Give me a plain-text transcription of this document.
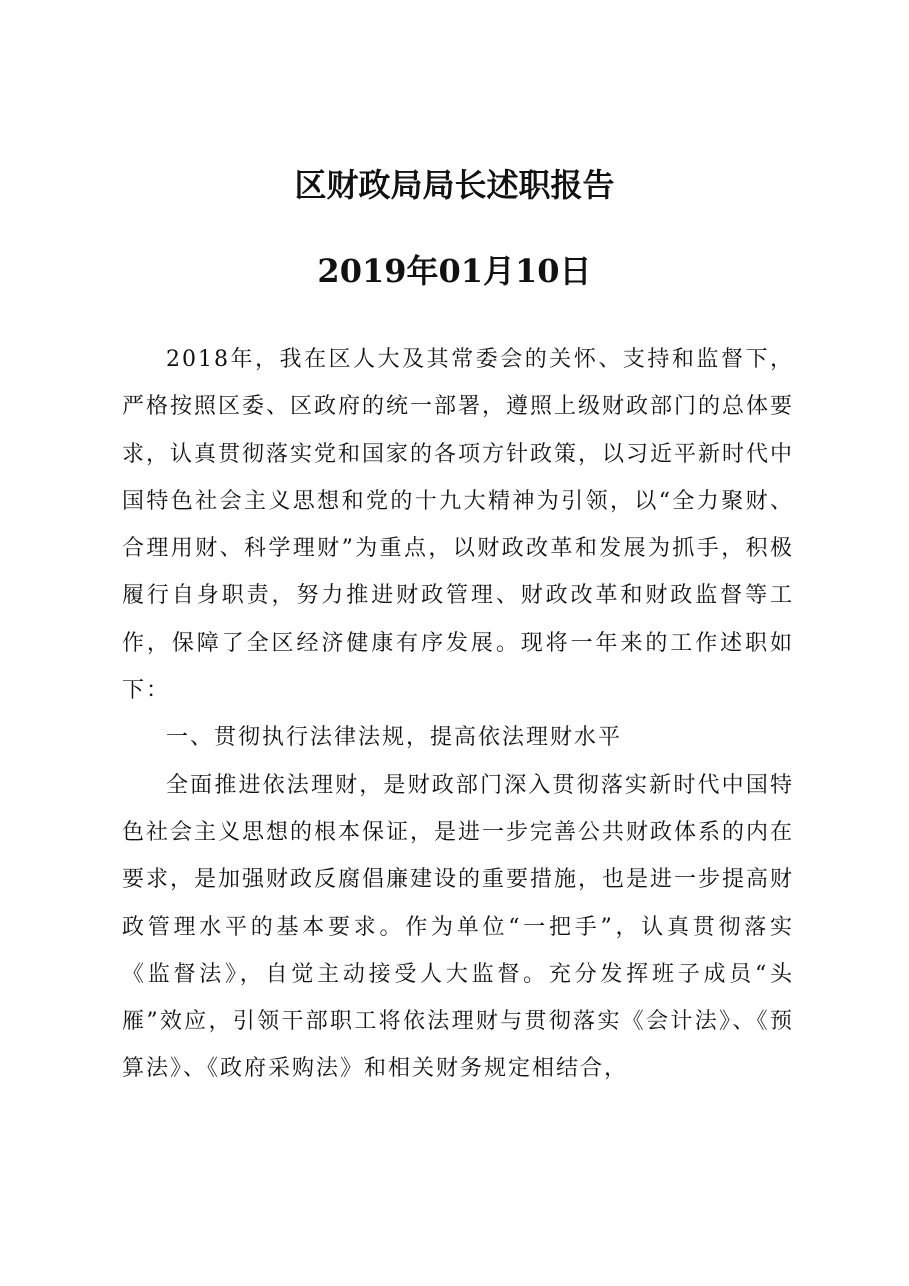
区财政局局长述职报告
2019年01月10日

2018年，我在区人大及其常委会的关怀、支持和监督下，严格按照区委、区政府的统一部署，遵照上级财政部门的总体要求，认真贯彻落实党和国家的各项方针政策，以习近平新时代中国特色社会主义思想和党的十九大精神为引领，以“全力聚财、合理用财、科学理财”为重点，以财政改革和发展为抓手，积极履行自身职责，努力推进财政管理、财政改革和财政监督等工作，保障了全区经济健康有序发展。现将一年来的工作述职如下：

一、贯彻执行法律法规，提高依法理财水平

全面推进依法理财，是财政部门深入贯彻落实新时代中国特色社会主义思想的根本保证，是进一步完善公共财政体系的内在要求，是加强财政反腐倡廉建设的重要措施，也是进一步提高财政管理水平的基本要求。作为单位“一把手”，认真贯彻落实《监督法》，自觉主动接受人大监督。充分发挥班子成员“头雁”效应，引领干部职工将依法理财与贯彻落实《会计法》、《预算法》、《政府采购法》和相关财务规定相结合，
